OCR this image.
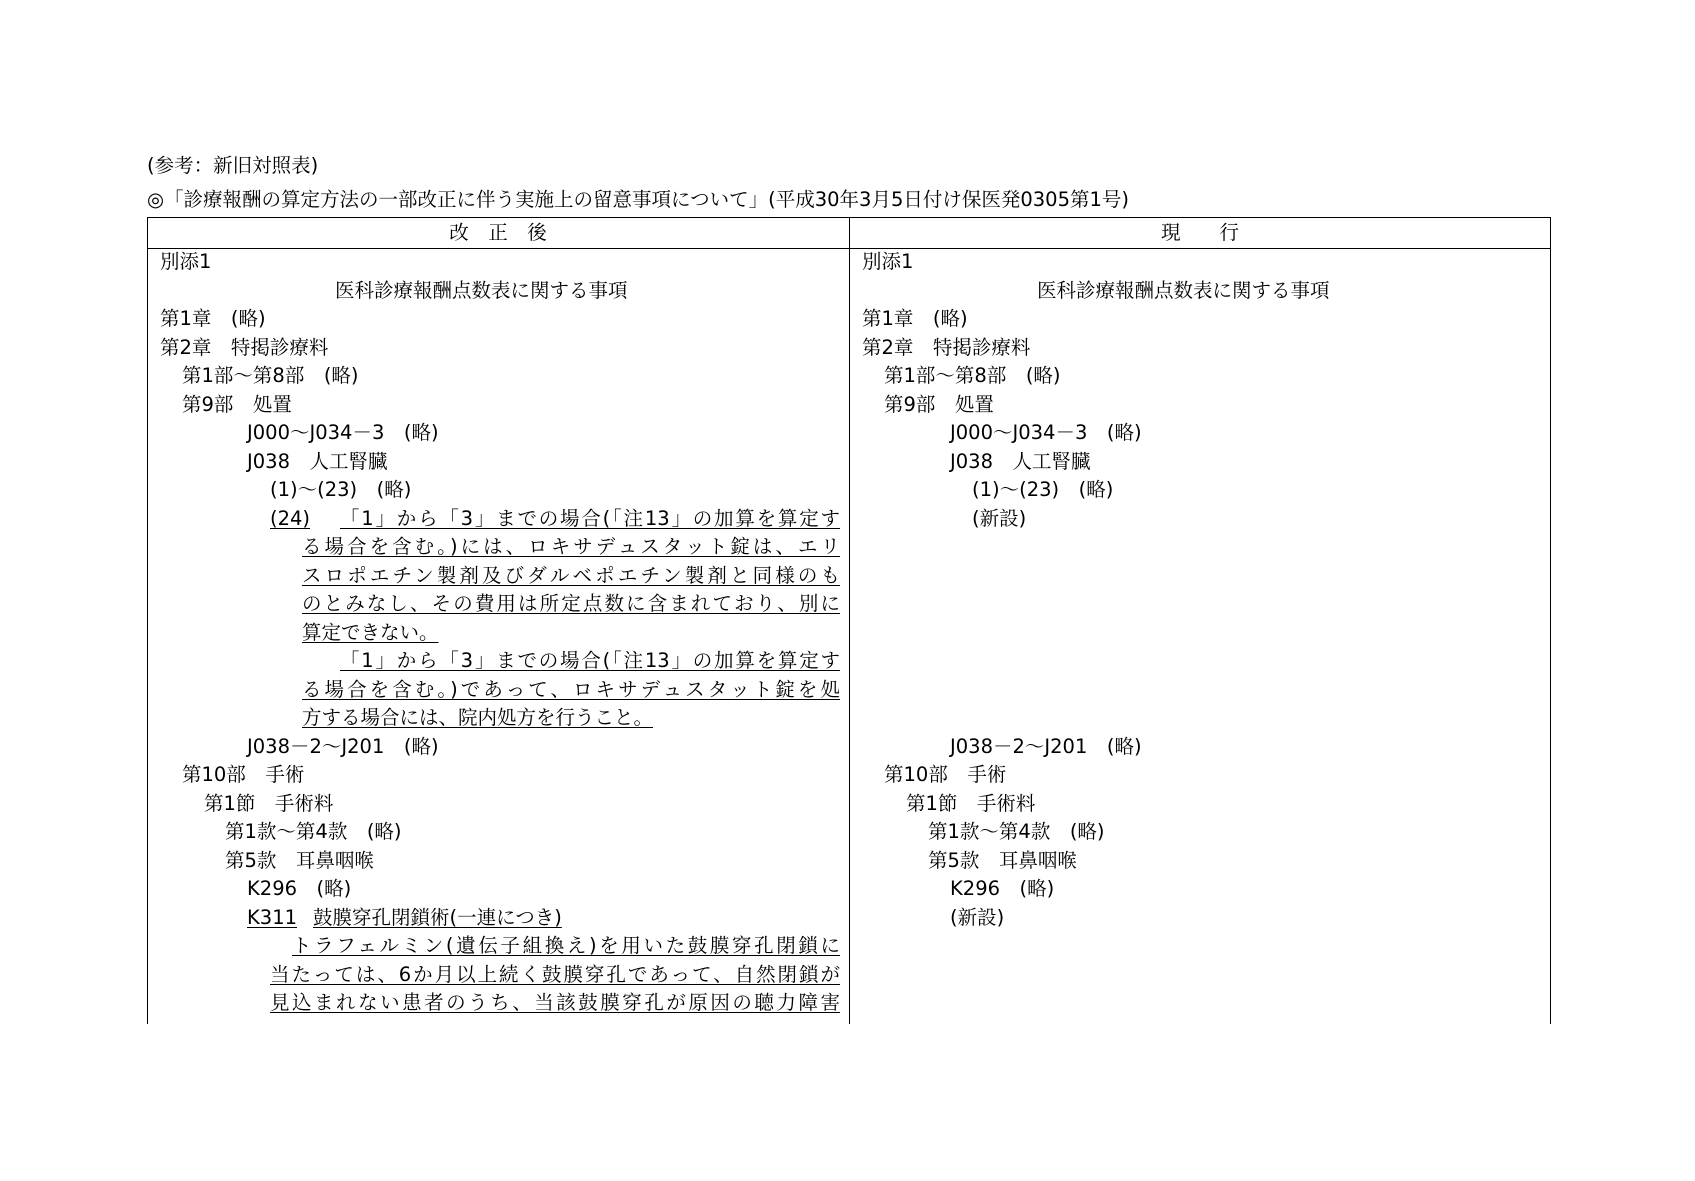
(参考：新旧対照表)
◎「診療報酬の算定方法の一部改正に伴う実施上の留意事項について」(平成30年3月5日付け保医発0305第1号)
改　正　後	現　　行
別添1
医科診療報酬点数表に関する事項
第1章　(略)
第2章　特掲診療料
第1部～第8部　(略)
第9部　処置
J000～J034－3　(略)
J038　人工腎臓
(1)～(23)　(略)
(24) 「1」から「3」までの場合(「注13」の加算を算定す
る場合を含む。)には、ロキサデュスタット錠は、エリ
スロポエチン製剤及びダルベポエチン製剤と同様のも
のとみなし、その費用は所定点数に含まれており、別に
算定できない。
「1」から「3」までの場合(「注13」の加算を算定す
る場合を含む。)であって、ロキサデュスタット錠を処
方する場合には、院内処方を行うこと。
J038－2～J201　(略)
第10部　手術
第1節　手術料
第1款～第4款　(略)
第5款　耳鼻咽喉
K296　(略)
K311 鼓膜穿孔閉鎖術(一連につき)
トラフェルミン(遺伝子組換え)を用いた鼓膜穿孔閉鎖に
当たっては、6か月以上続く鼓膜穿孔であって、自然閉鎖が
見込まれない患者のうち、当該鼓膜穿孔が原因の聴力障害
別添1
医科診療報酬点数表に関する事項
第1章　(略)
第2章　特掲診療料
第1部～第8部　(略)
第9部　処置
J000～J034－3　(略)
J038　人工腎臓
(1)～(23)　(略)
(新設)
J038－2～J201　(略)
第10部　手術
第1節　手術料
第1款～第4款　(略)
第5款　耳鼻咽喉
K296　(略)
(新設)
